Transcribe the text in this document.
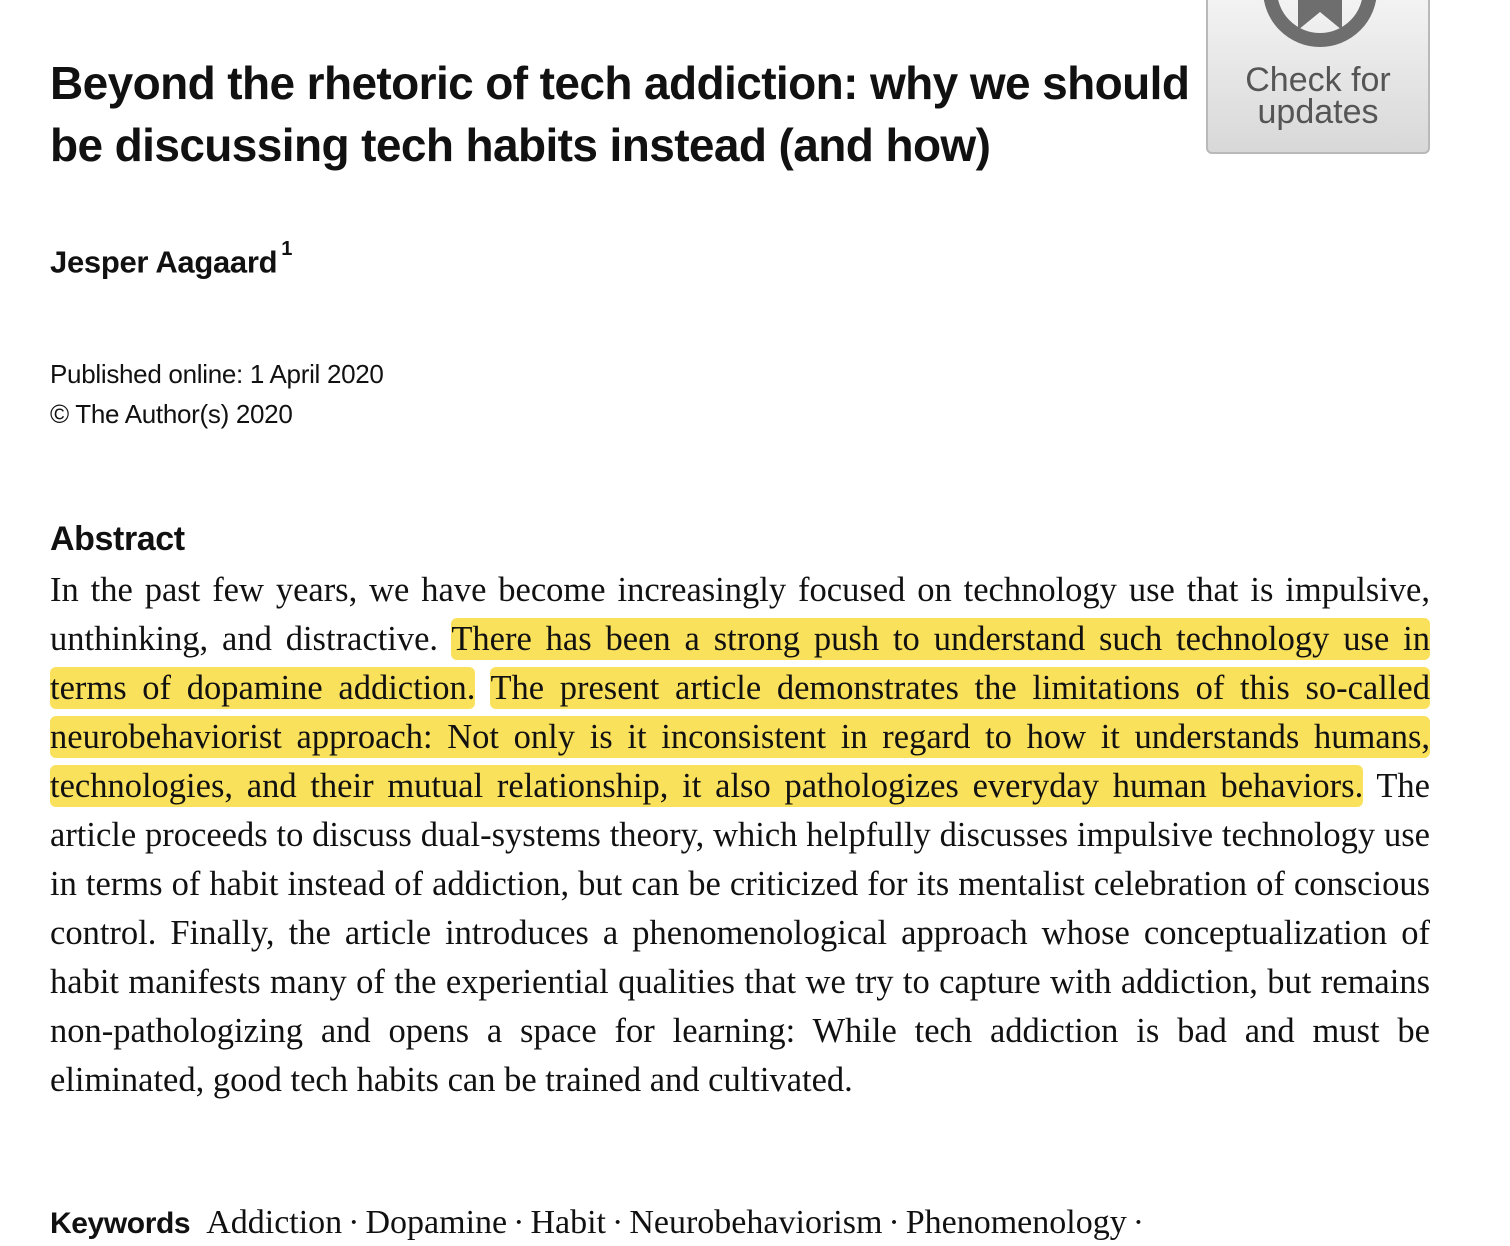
Beyond the rhetoric of tech addiction: why we should be discussing tech habits instead (and how)
Check for
updates
Jesper Aagaard $^1$
Published online: 1 April 2020
© The Author(s) 2020
Abstract

In the past few years, we have become increasingly focused on technology use that is impulsive, unthinking, and distractive. There has been a strong push to understand such technology use in terms of dopamine addiction. The present article demonstrates the limitations of this so-called neurobehaviorist approach: Not only is it inconsistent in regard to how it understands humans, technologies, and their mutual relationship, it also pathologizes everyday human behaviors. The article proceeds to discuss dual-systems theory, which helpfully discusses impulsive technology use in terms of habit instead of addiction, but can be criticized for its mentalist celebration of conscious control. Finally, the article introduces a phenomenological approach whose conceptualization of habit manifests many of the experiential qualities that we try to capture with addiction, but remains non-pathologizing and opens a space for learning: While tech addiction is bad and must be eliminated, good tech habits can be trained and cultivated.

Keywords Addiction · Dopamine · Habit · Neurobehaviorism · Phenomenology ·
